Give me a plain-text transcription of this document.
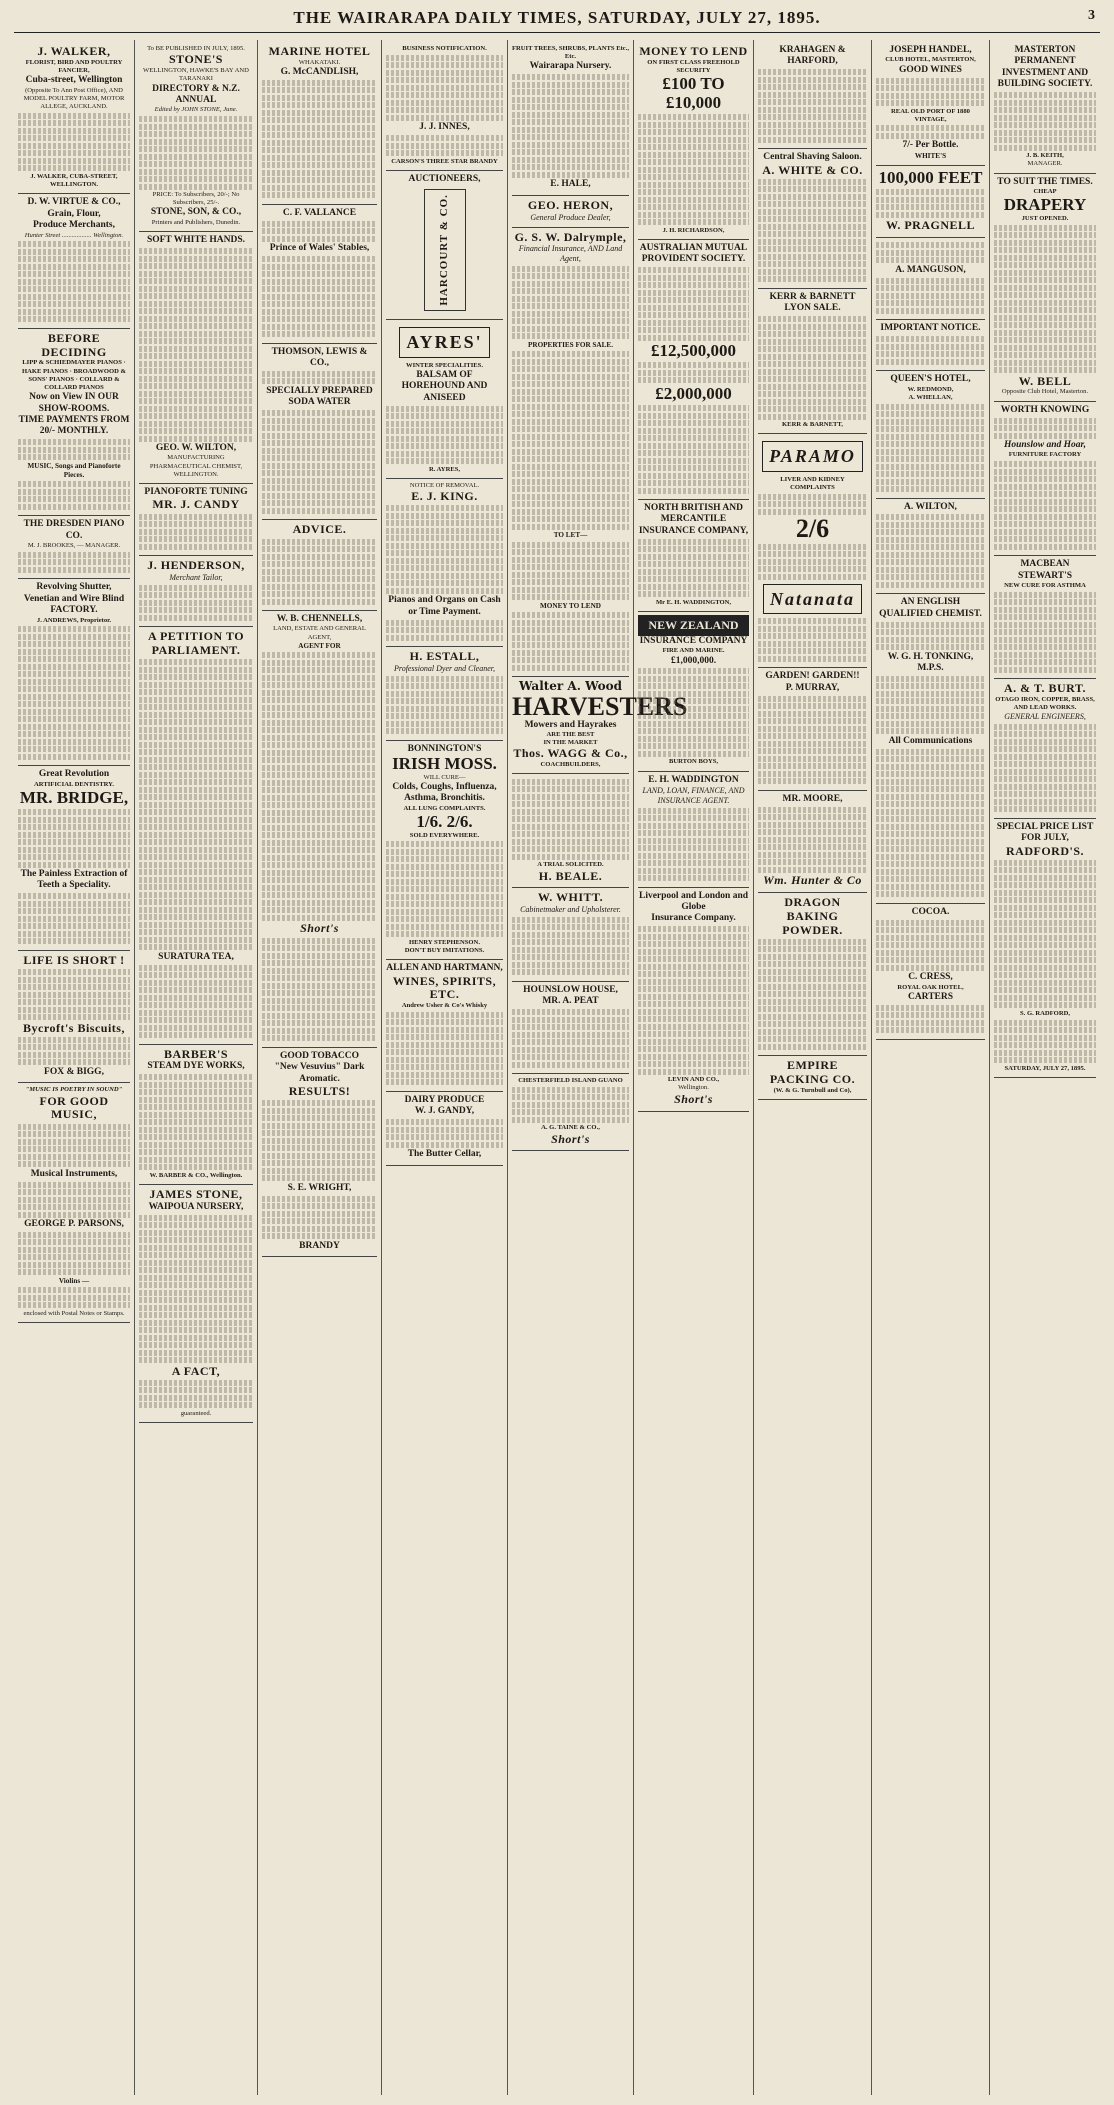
THE WAIRARAPA DAILY TIMES, SATURDAY, JULY 27, 1895.	3
J. WALKER,
FLORIST, BIRD AND POULTRY FANCIER,
Cuba-street, Wellington
(Opposite To Ann Post Office), AND MODEL POULTRY FARM, MOTOR ALLEGE, AUCKLAND.
J. WALKER, CUBA-STREET, WELLINGTON.
D. W. VIRTUE & CO.,
Grain, Flour,
Produce Merchants,
Hunter Street .................. Wellington.
BEFORE DECIDING
LIPP & SCHIEDMAYER PIANOS · HAKE PIANOS · BROADWOOD & SONS' PIANOS · COLLARD & COLLARD PIANOS
Now on View IN OUR SHOW-ROOMS.
TIME PAYMENTS FROM 20/- MONTHLY.
MUSIC, Songs and Pianoforte Pieces.
THE DRESDEN PIANO CO.
M. J. BROOKES, — MANAGER.
Revolving Shutter, Venetian and Wire Blind FACTORY.
J. ANDREWS, Proprietor.
Great Revolution
ARTIFICIAL DENTISTRY.
MR. BRIDGE,
The Painless Extraction of Teeth a Speciality.
LIFE IS SHORT !
Bycroft's Biscuits,
FOX & BIGG,
"MUSIC IS POETRY IN SOUND"
FOR GOOD MUSIC,
Musical Instruments,
GEORGE P. PARSONS,
Violins —
enclosed with Postal Notes or Stamps.
To BE PUBLISHED IN JULY, 1895.
STONE'S
WELLINGTON, HAWKE'S BAY AND TARANAKI
DIRECTORY & N.Z. ANNUAL
Edited by JOHN STONE, June.
PRICE: To Subscribers, 20/-; No Subscribers, 25/-.
STONE, SON, & CO.,
Printers and Publishers, Dunedin.
SOFT WHITE HANDS.
GEO. W. WILTON,
MANUFACTURING PHARMACEUTICAL CHEMIST, WELLINGTON.
PIANOFORTE TUNING
MR. J. CANDY
J. HENDERSON,
Merchant Tailor,
A PETITION TO PARLIAMENT.
SURATURA TEA,
BARBER'S
STEAM DYE WORKS,
W. BARBER & CO., Wellington.
JAMES STONE,
WAIPOUA NURSERY,
A FACT,
guaranteed.
MARINE HOTEL
WHAKATAKI.
G. McCANDLISH,
C. F. VALLANCE
Prince of Wales' Stables,
THOMSON, LEWIS & CO.,
SPECIALLY PREPARED SODA WATER
ADVICE.
W. B. CHENNELLS,
LAND, ESTATE AND GENERAL AGENT,
AGENT FOR
Short's
GOOD TOBACCO
"New Vesuvius" Dark Aromatic.
RESULTS!
S. E. WRIGHT,
BRANDY
BUSINESS NOTIFICATION.
J. J. INNES,
CARSON'S THREE STAR BRANDY
AUCTIONEERS,
HARCOURT & CO.
AYRES'
WINTER SPECIALITIES.
BALSAM OF HOREHOUND AND ANISEED
R. AYRES,
NOTICE OF REMOVAL.
E. J. KING.
Pianos and Organs on Cash or Time Payment.
H. ESTALL,
Professional Dyer and Cleaner,
BONNINGTON'S
IRISH MOSS.
WILL CURE—
Colds, Coughs, Influenza, Asthma, Bronchitis.
ALL LUNG COMPLAINTS.
1/6. 2/6.
SOLD EVERYWHERE.
HENRY STEPHENSON.
DON'T BUY IMITATIONS.
ALLEN AND HARTMANN,
WINES, SPIRITS, ETC.
Andrew Usher & Co's Whisky
DAIRY PRODUCE
W. J. GANDY,
The Butter Cellar,
FRUIT TREES, SHRUBS, PLANTS Etc., Etc.
Wairarapa Nursery.
E. HALE,
GEO. HERON,
General Produce Dealer,
G. S. W. Dalrymple,
Financial Insurance, AND Land Agent,
PROPERTIES FOR SALE.
TO LET—
MONEY TO LEND
Walter A. Wood
HARVESTERS
Mowers and Hayrakes
ARE THE BEST
IN THE MARKET
Thos. WAGG & Co.,
COACHBUILDERS,
A TRIAL SOLICITED.
H. BEALE.
W. WHITT.
Cabinetmaker and Upholsterer.
HOUNSLOW HOUSE,
MR. A. PEAT
CHESTERFIELD ISLAND GUANO
A. G. TAINE & CO.,
Short's
MONEY TO LEND
ON FIRST CLASS FREEHOLD SECURITY
£100 TO £10,000
J. H. RICHARDSON,
AUSTRALIAN MUTUAL PROVIDENT SOCIETY.
£12,500,000
£2,000,000
NORTH BRITISH AND MERCANTILE INSURANCE COMPANY,
Mr E. H. WADDINGTON,
NEW ZEALAND
INSURANCE COMPANY
FIRE AND MARINE.
£1,000,000.
BURTON BOYS,
E. H. WADDINGTON
LAND, LOAN, FINANCE, AND INSURANCE AGENT.
Liverpool and London and Globe
Insurance Company.
LEVIN AND CO.,
Wellington.
Short's
KRAHAGEN & HARFORD,
Central Shaving Saloon.
A. WHITE & CO.
KERR & BARNETT
LYON SALE.
KERR & BARNETT,
PARAMO
LIVER AND KIDNEY COMPLAINTS
2/6
Natanata
GARDEN! GARDEN!!
P. MURRAY,
MR. MOORE,
Wm. Hunter & Co
DRAGON BAKING POWDER.
EMPIRE PACKING CO.
(W. & G. Turnbull and Co),
JOSEPH HANDEL,
CLUB HOTEL, MASTERTON,
GOOD WINES
REAL OLD PORT OF 1880 VINTAGE,
7/- Per Bottle.
WHITE'S
100,000 FEET
W. PRAGNELL
A. MANGUSON,
IMPORTANT NOTICE.
QUEEN'S HOTEL,
W. REDMOND,
A. WHELLAN,
A. WILTON,
AN ENGLISH QUALIFIED CHEMIST.
W. G. H. TONKING, M.P.S.
All Communications
COCOA.
C. CRESS,
ROYAL OAK HOTEL,
CARTERS
MASTERTON PERMANENT INVESTMENT AND BUILDING SOCIETY.
J. B. KEITH,
MANAGER.
TO SUIT THE TIMES.
CHEAP
DRAPERY
JUST OPENED.
W. BELL
Opposite Club Hotel, Masterton.
WORTH KNOWING
Hounslow and Hoar,
FURNITURE FACTORY
MACBEAN STEWART'S
NEW CURE FOR ASTHMA
A. & T. BURT.
OTAGO IRON, COPPER, BRASS, AND LEAD WORKS.
GENERAL ENGINEERS,
SPECIAL PRICE LIST FOR JULY,
RADFORD'S.
S. G. RADFORD,
SATURDAY, JULY 27, 1895.
